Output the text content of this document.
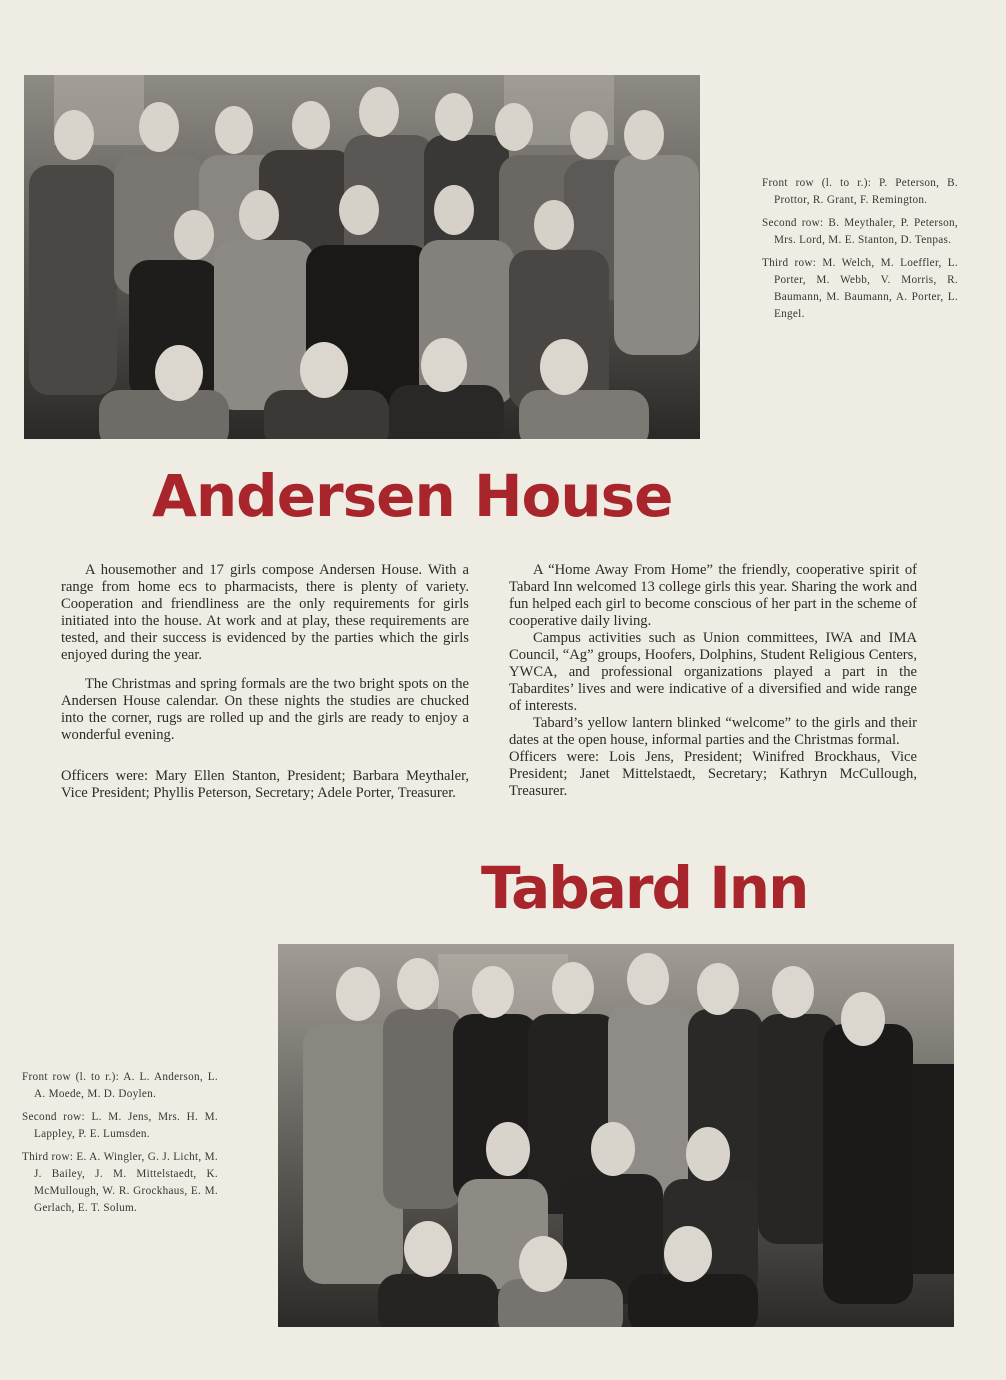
Front row (l. to r.): P. Peterson, B. Prottor, R. Grant, F. Remington.

Second row: B. Meythaler, P. Peterson, Mrs. Lord, M. E. Stanton, D. Tenpas.

Third row: M. Welch, M. Loeffler, L. Porter, M. Webb, V. Morris, R. Baumann, M. Baumann, A. Porter, L. Engel.

Andersen House

A housemother and 17 girls compose Andersen House. With a range from home ecs to pharmacists, there is plenty of variety. Cooperation and friendliness are the only requirements for girls initiated into the house. At work and at play, these requirements are tested, and their success is evidenced by the parties which the girls enjoyed during the year.

The Christmas and spring formals are the two bright spots on the Andersen House calendar. On these nights the studies are chucked into the corner, rugs are rolled up and the girls are ready to enjoy a wonderful evening.

Officers were: Mary Ellen Stanton, President; Barbara Meythaler, Vice President; Phyllis Peterson, Secretary; Adele Porter, Treasurer.

A “Home Away From Home” the friendly, cooperative spirit of Tabard Inn welcomed 13 college girls this year. Sharing the work and fun helped each girl to become conscious of her part in the scheme of cooperative daily living.

Campus activities such as Union committees, IWA and IMA Council, “Ag” groups, Hoofers, Dolphins, Student Religious Centers, YWCA, and professional organizations played a part in the Tabardites’ lives and were indicative of a diversified and wide range of interests.

Tabard’s yellow lantern blinked “welcome” to the girls and their dates at the open house, informal parties and the Christmas formal.

Officers were: Lois Jens, President; Winifred Brockhaus, Vice President; Janet Mittelstaedt, Secretary; Kathryn McCullough, Treasurer.

Tabard Inn

Front row (l. to r.): A. L. Anderson, L. A. Moede, M. D. Doylen.

Second row: L. M. Jens, Mrs. H. M. Lappley, P. E. Lumsden.

Third row: E. A. Wingler, G. J. Licht, M. J. Bailey, J. M. Mittelstaedt, K. McMullough, W. R. Grockhaus, E. M. Gerlach, E. T. Solum.
